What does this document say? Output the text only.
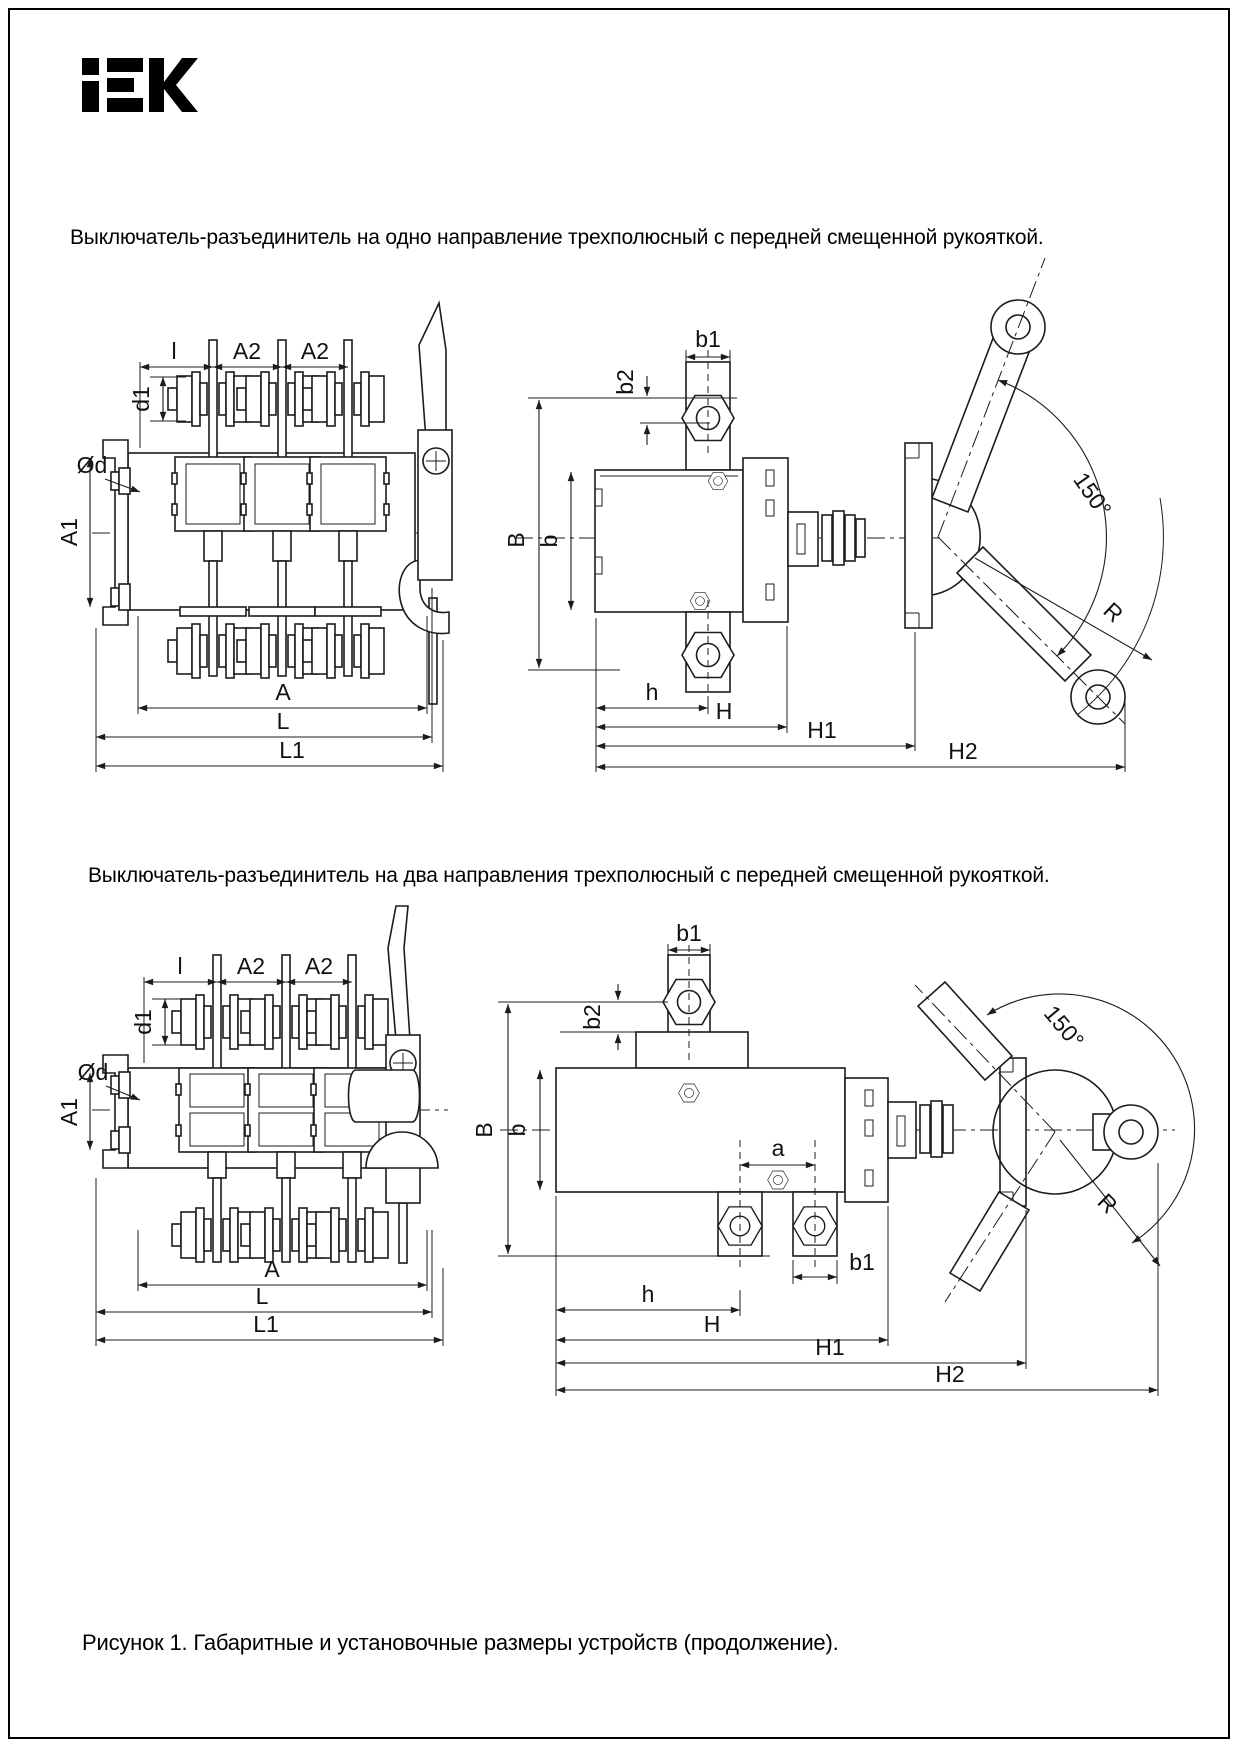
Выключатель-разъединитель на одно направление трехполюсный с передней смещенной рукояткой.
Выключатель-разъединитель на два направления трехполюсный с передней смещенной рукояткой.
Рисунок 1. Габаритные и установочные размеры устройств (продолжение).
l A2 A2
d1
Ød
A1
A
L
L1
150°
R
b1
b2
B b
h
H
H1
H2
l A2 A2
d1
Ød
A1
A
L
L1
150°
R
b1
b2
B b
a
b1
h
H
H1
H2
